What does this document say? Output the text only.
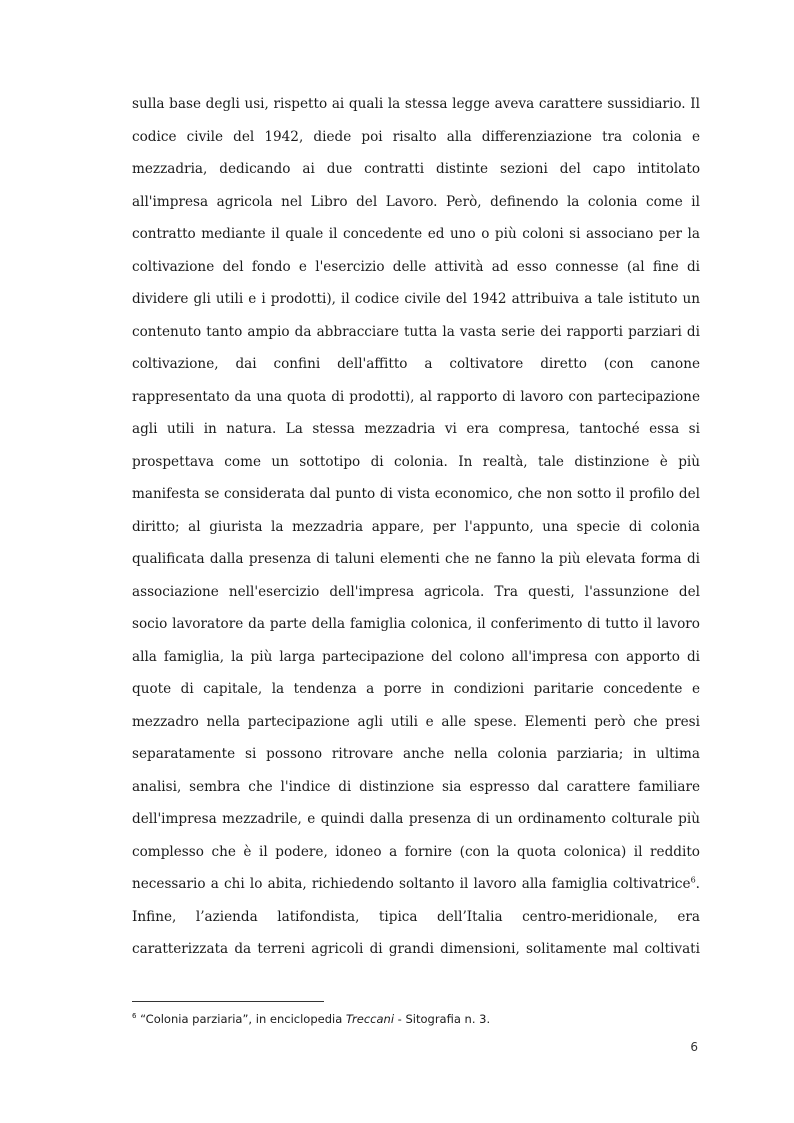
sulla base degli usi, rispetto ai quali la stessa legge aveva carattere sussidiario. Il
codice civile del 1942, diede poi risalto alla differenziazione tra colonia e
mezzadria, dedicando ai due contratti distinte sezioni del capo intitolato
all'impresa agricola nel Libro del Lavoro. Però, definendo la colonia come il
contratto mediante il quale il concedente ed uno o più coloni si associano per la
coltivazione del fondo e l'esercizio delle attività ad esso connesse (al fine di
dividere gli utili e i prodotti), il codice civile del 1942 attribuiva a tale istituto un
contenuto tanto ampio da abbracciare tutta la vasta serie dei rapporti parziari di
coltivazione, dai confini dell'affitto a coltivatore diretto (con canone
rappresentato da una quota di prodotti), al rapporto di lavoro con partecipazione
agli utili in natura. La stessa mezzadria vi era compresa, tantoché essa si
prospettava come un sottotipo di colonia. In realtà, tale distinzione è più
manifesta se considerata dal punto di vista economico, che non sotto il profilo del
diritto; al giurista la mezzadria appare, per l'appunto, una specie di colonia
qualificata dalla presenza di taluni elementi che ne fanno la più elevata forma di
associazione nell'esercizio dell'impresa agricola. Tra questi, l'assunzione del
socio lavoratore da parte della famiglia colonica, il conferimento di tutto il lavoro
alla famiglia, la più larga partecipazione del colono all'impresa con apporto di
quote di capitale, la tendenza a porre in condizioni paritarie concedente e
mezzadro nella partecipazione agli utili e alle spese. Elementi però che presi
separatamente si possono ritrovare anche nella colonia parziaria; in ultima
analisi, sembra che l'indice di distinzione sia espresso dal carattere familiare
dell'impresa mezzadrile, e quindi dalla presenza di un ordinamento colturale più
complesso che è il podere, idoneo a fornire (con la quota colonica) il reddito
necessario a chi lo abita, richiedendo soltanto il lavoro alla famiglia coltivatrice$^6$.
Infine, l’azienda latifondista, tipica dell’Italia centro-meridionale, era
caratterizzata da terreni agricoli di grandi dimensioni, solitamente mal coltivati
$^6$ “Colonia parziaria”, in enciclopedia Treccani - Sitografia n. 3.
6
